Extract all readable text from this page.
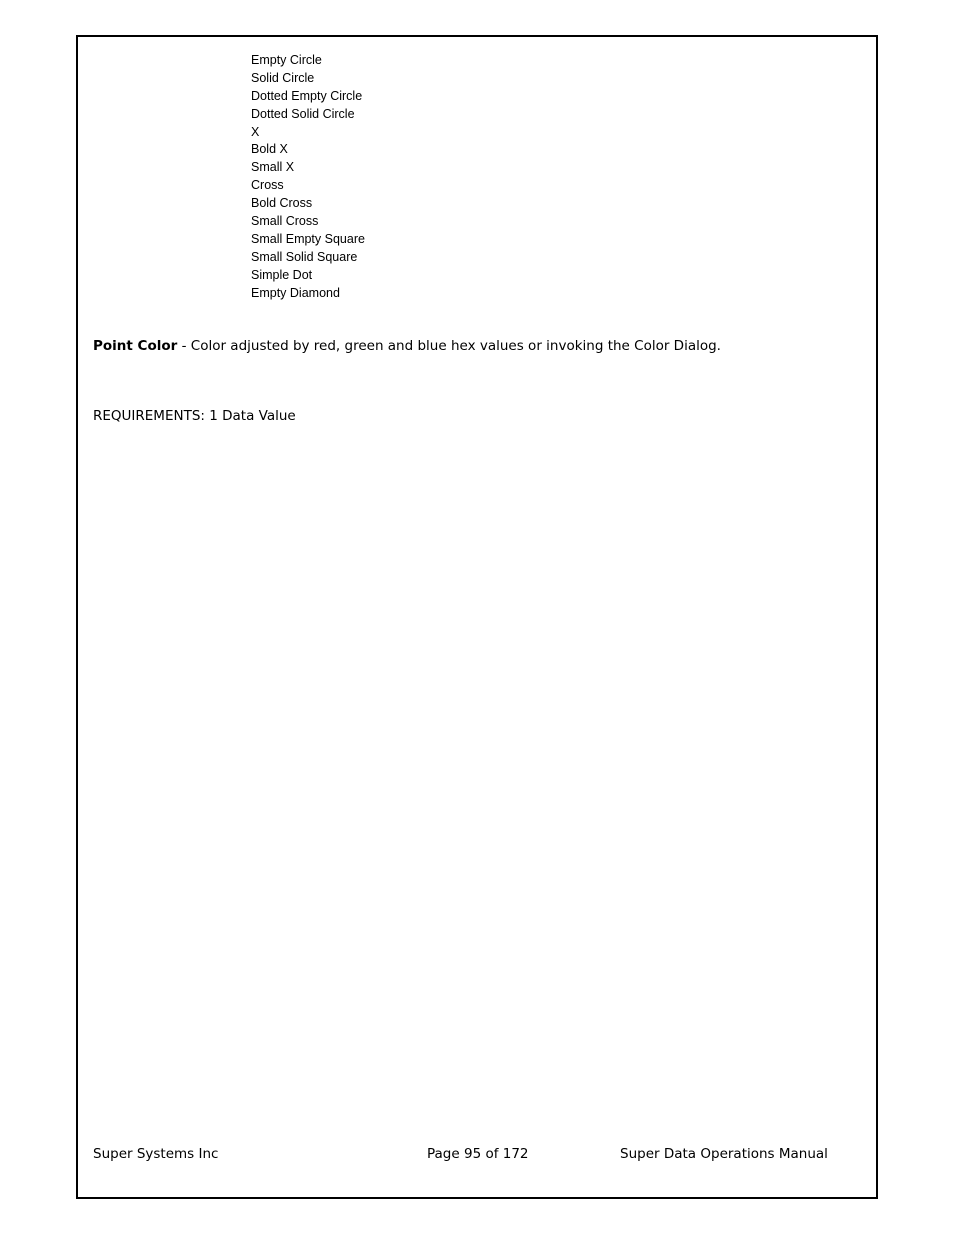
Empty Circle
Solid Circle
Dotted Empty Circle
Dotted Solid Circle
X
Bold X
Small X
Cross
Bold Cross
Small Cross
Small Empty Square
Small Solid Square
Simple Dot
Empty Diamond

Point Color - Color adjusted by red, green and blue hex values or invoking the Color Dialog.

REQUIREMENTS: 1 Data Value

Super Systems Inc	Page 95 of 172	Super Data Operations Manual
